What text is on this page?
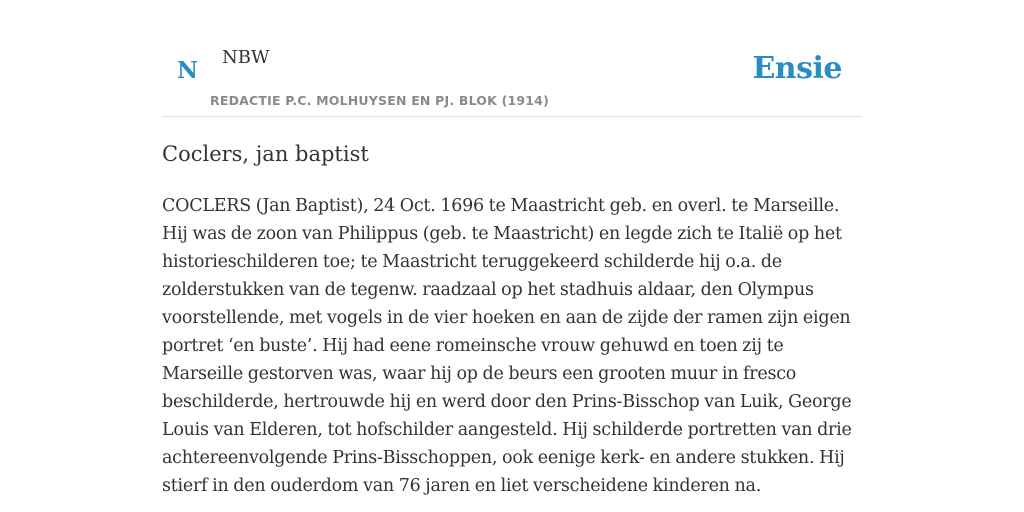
N NBW
REDACTIE P.C. MOLHUYSEN EN PJ. BLOK (1914)
Ensie
Coclers, jan baptist

COCLERS (Jan Baptist), 24 Oct. 1696 te Maastricht geb. en overl. te Marseille. Hij was de zoon van Philippus (geb. te Maastricht) en legde zich te Italië op het historieschilderen toe; te Maastricht teruggekeerd schilderde hij o.a. de zolderstukken van de tegenw. raadzaal op het stadhuis aldaar, den Olympus voorstellende, met vogels in de vier hoeken en aan de zijde der ramen zijn eigen portret ‘en buste’. Hij had eene romeinsche vrouw gehuwd en toen zij te Marseille gestorven was, waar hij op de beurs een grooten muur in fresco beschilderde, hertrouwde hij en werd door den Prins-Bisschop van Luik, George Louis van Elderen, tot hofschilder aangesteld. Hij schilderde portretten van drie achtereenvolgende Prins-Bisschoppen, ook eenige kerk- en andere stukken. Hij stierf in den ouderdom van 76 jaren en liet verscheidene kinderen na.
